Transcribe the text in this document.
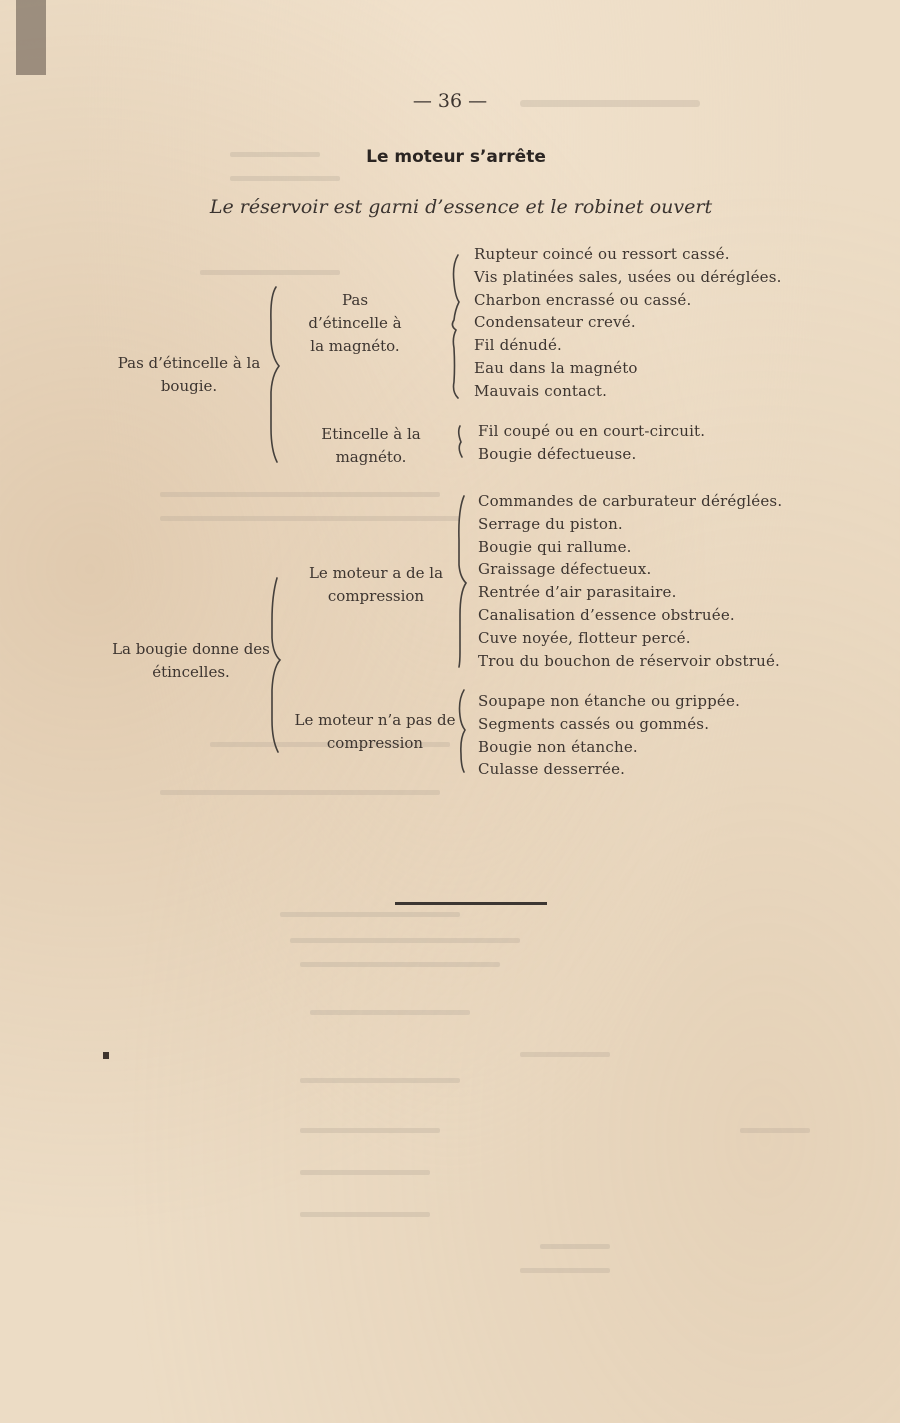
— 36 —
Le moteur s’arrête
Le réservoir est garni d’essence et le robinet ouvert
Pas d’étincelle à la bougie.
La bougie donne des étincelles.
Pas d’étincelle à la magnéto.
Etincelle à la magnéto.
Le moteur a de la compression
Le moteur n’a pas de compression
Rupteur coincé ou ressort cassé.
Vis platinées sales, usées ou déréglées.
Charbon encrassé ou cassé.
Condensateur crevé.
Fil dénudé.
Eau dans la magnéto
Mauvais contact.
Fil coupé ou en court-circuit.
Bougie défectueuse.
Commandes de carburateur déréglées.
Serrage du piston.
Bougie qui rallume.
Graissage défectueux.
Rentrée d’air parasitaire.
Canalisation d’essence obstruée.
Cuve noyée, flotteur percé.
Trou du bouchon de réservoir obstrué.
Soupape non étanche ou grippée.
Segments cassés ou gommés.
Bougie non étanche.
Culasse desserrée.
